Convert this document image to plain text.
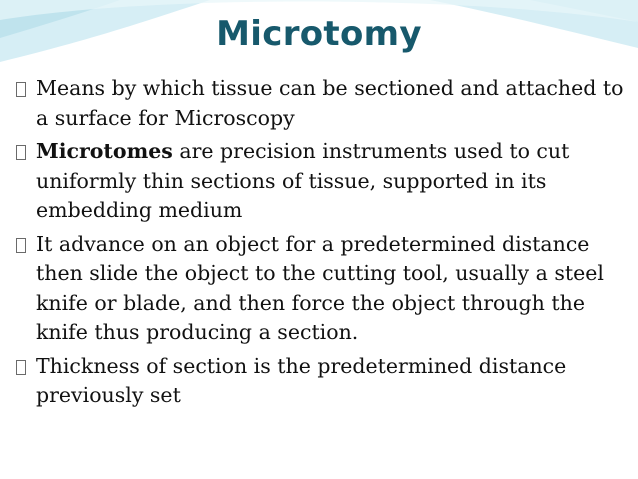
Microtomy
Means by which tissue can be sectioned and attached to a surface for Microscopy
Microtomes are precision instruments used to cut uniformly thin sections of tissue, supported in its embedding medium
It advance on an object for a predetermined distance then slide the object to the cutting tool, usually a steel knife or blade, and then force the object through the knife thus producing a section.
Thickness of section is the predetermined distance previously set
